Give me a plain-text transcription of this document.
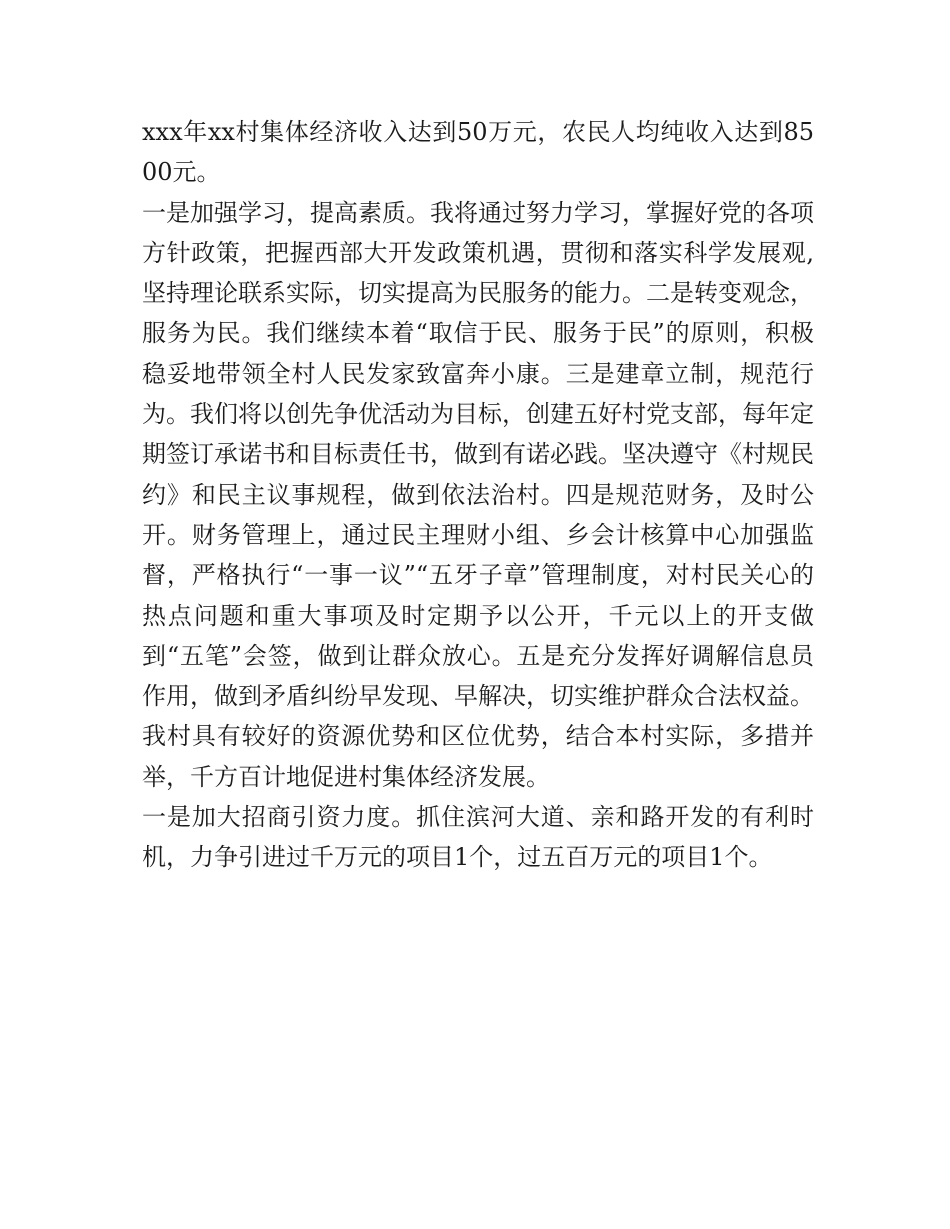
xxx年xx村集体经济收入达到50万元，农民人均纯收入达到8500元。

一是加强学习，提高素质。我将通过努力学习，掌握好党的各项方针政策，把握西部大开发政策机遇，贯彻和落实科学发展观,坚持理论联系实际，切实提高为民服务的能力。二是转变观念，服务为民。我们继续本着“取信于民、服务于民”的原则，积极稳妥地带领全村人民发家致富奔小康。三是建章立制，规范行为。我们将以创先争优活动为目标，创建五好村党支部，每年定期签订承诺书和目标责任书，做到有诺必践。坚决遵守《村规民约》和民主议事规程，做到依法治村。四是规范财务，及时公开。财务管理上，通过民主理财小组、乡会计核算中心加强监督，严格执行“一事一议”“五牙子章”管理制度，对村民关心的热点问题和重大事项及时定期予以公开，千元以上的开支做到“五笔”会签，做到让群众放心。五是充分发挥好调解信息员作用，做到矛盾纠纷早发现、早解决，切实维护群众合法权益。

我村具有较好的资源优势和区位优势，结合本村实际，多措并举，千方百计地促进村集体经济发展。

一是加大招商引资力度。抓住滨河大道、亲和路开发的有利时机，力争引进过千万元的项目1个，过五百万元的项目1个。
